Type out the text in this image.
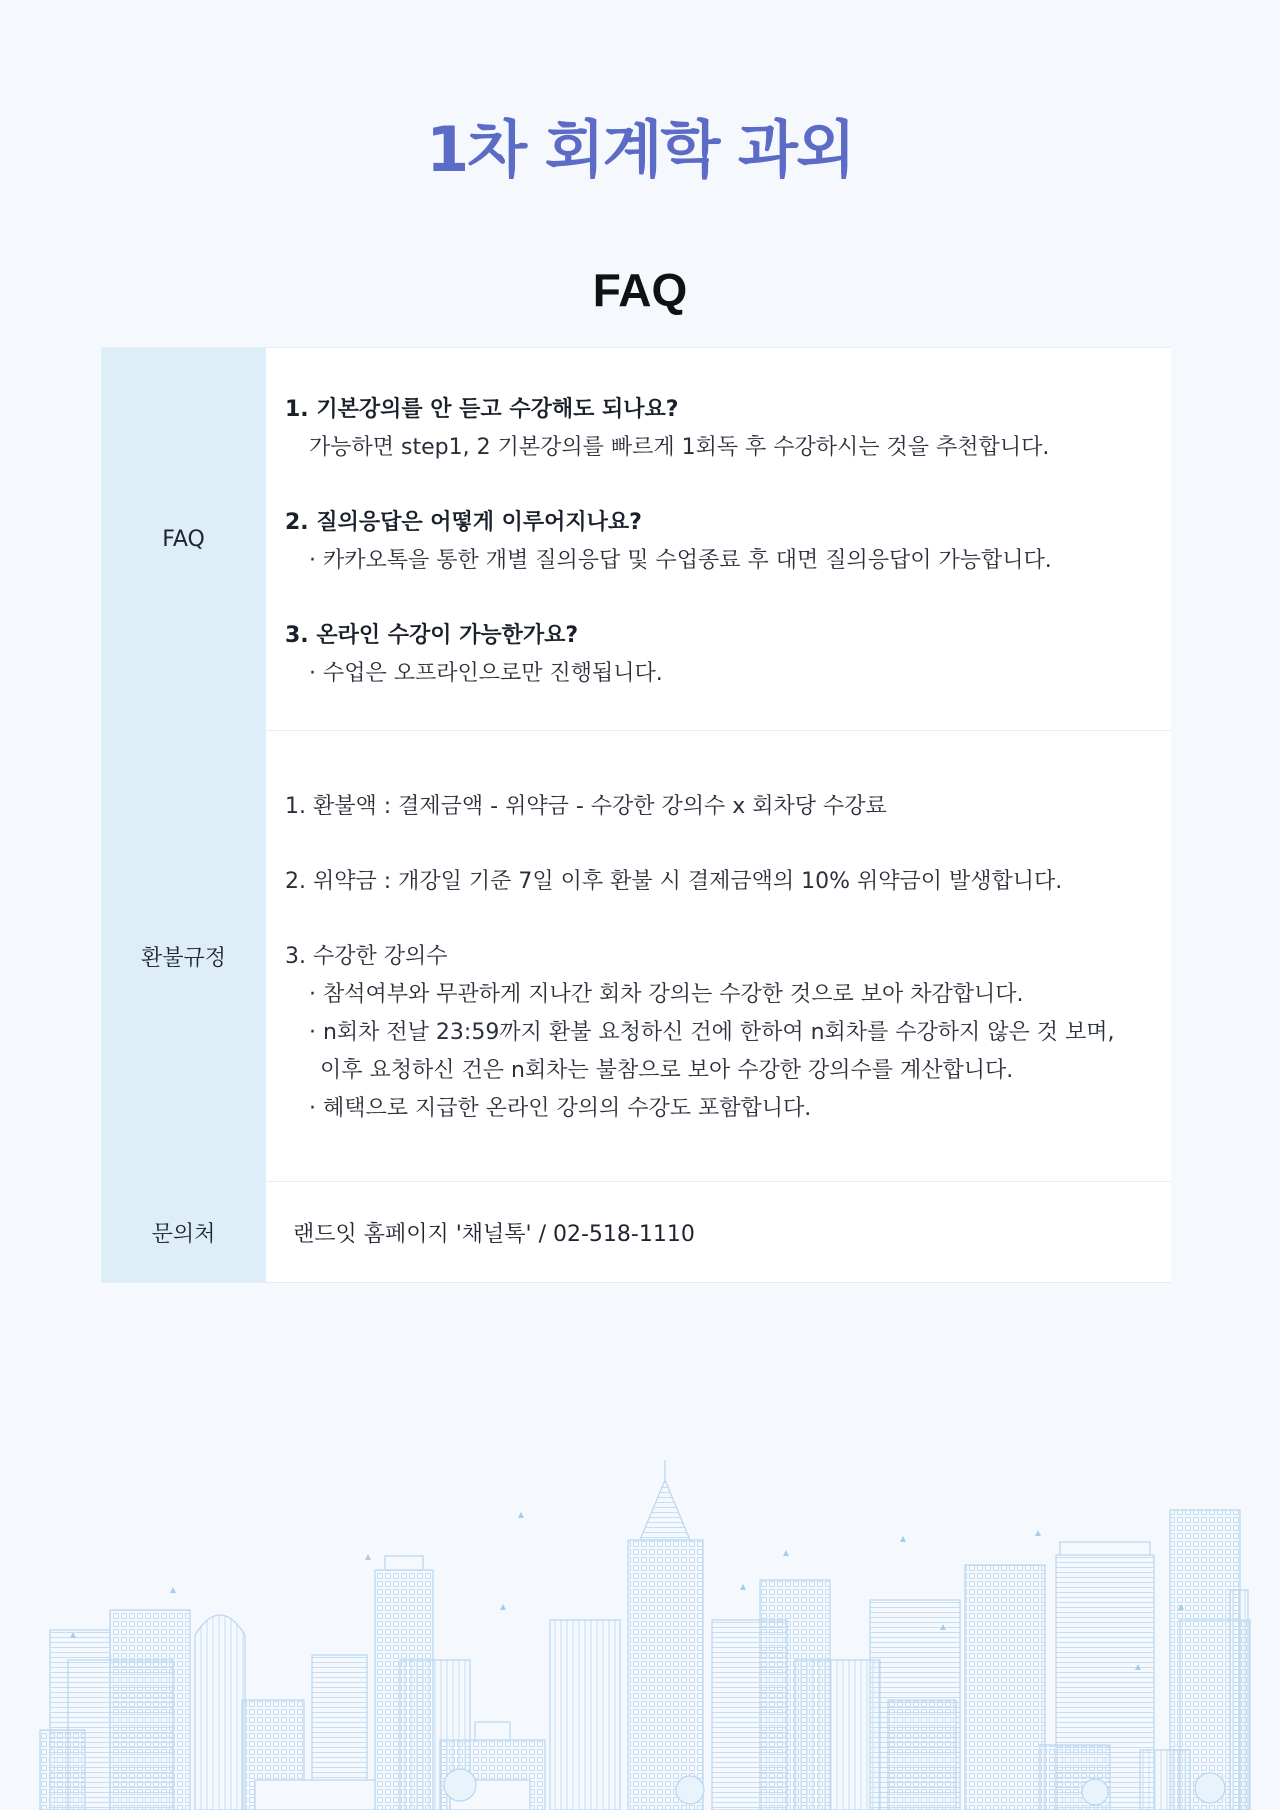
1차 회계학 과외
FAQ
FAQ
1. 기본강의를 안 듣고 수강해도 되나요?
가능하면 step1, 2 기본강의를 빠르게 1회독 후 수강하시는 것을 추천합니다.
2. 질의응답은 어떻게 이루어지나요?
· 카카오톡을 통한 개별 질의응답 및 수업종료 후 대면 질의응답이 가능합니다.
3. 온라인 수강이 가능한가요?
· 수업은 오프라인으로만 진행됩니다.
환불규정
1. 환불액 : 결제금액 - 위약금 - 수강한 강의수 x 회차당 수강료
2. 위약금 : 개강일 기준 7일 이후 환불 시 결제금액의 10% 위약금이 발생합니다.
3. 수강한 강의수
· 참석여부와 무관하게 지나간 회차 강의는 수강한 것으로 보아 차감합니다.
· n회차 전날 23:59까지 환불 요청하신 건에 한하여 n회차를 수강하지 않은 것 보며,
이후 요청하신 건은 n회차는 불참으로 보아 수강한 강의수를 계산합니다.
· 혜택으로 지급한 온라인 강의의 수강도 포함합니다.
문의처	랜드잇 홈페이지 '채널톡' / 02-518-1110
